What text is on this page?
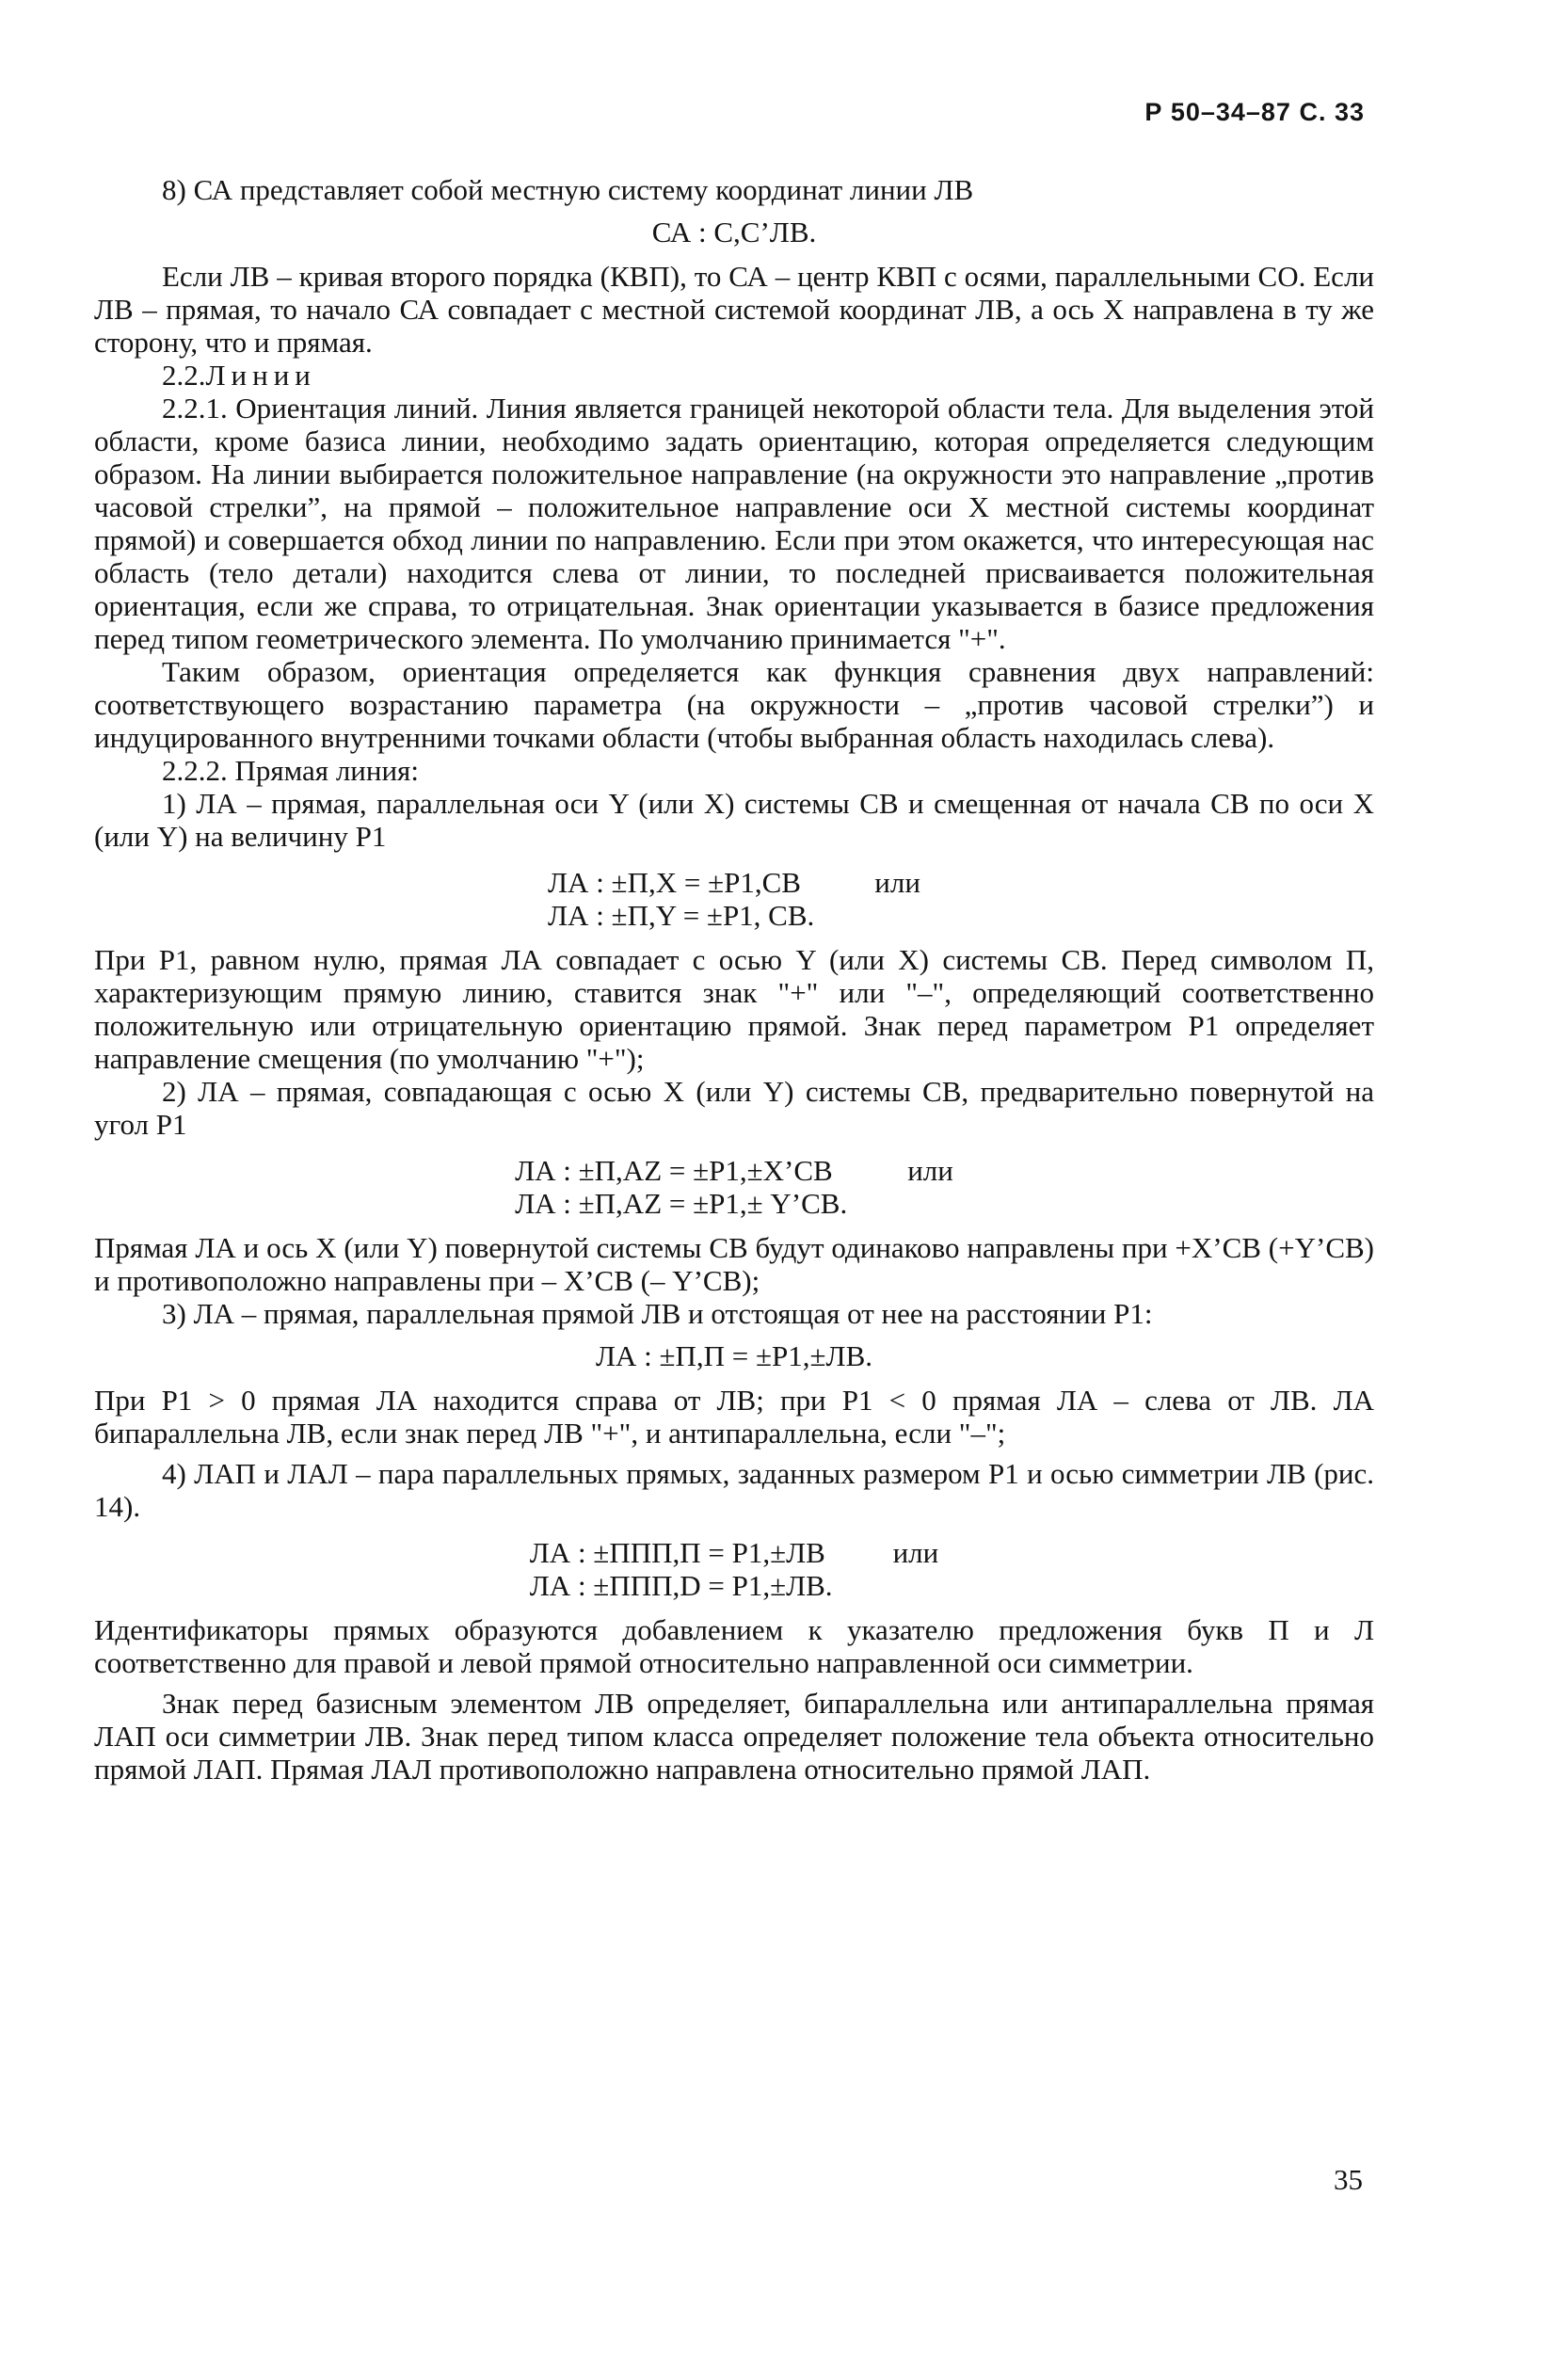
Р 50–34–87 С. 33

8) СА представляет собой местную систему координат линии ЛВ

СА : С,С’ЛВ.

Если ЛВ – кривая второго порядка (КВП), то СА – центр КВП с осями, параллельными СО. Если ЛВ – прямая, то начало СА совпадает с местной системой координат ЛВ, а ось X направлена в ту же сторону, что и прямая.

2.2.Линии

2.2.1. Ориентация линий. Линия является границей некоторой области тела. Для выделения этой области, кроме базиса линии, необходимо задать ориентацию, которая определяется следующим образом. На линии выбирается положительное направление (на окружности это направление „против часовой стрелки”, на прямой – положительное направление оси X местной системы координат прямой) и совершается обход линии по направлению. Если при этом окажется, что интересующая нас область (тело детали) находится слева от линии, то последней присваивается положительная ориентация, если же справа, то отрицательная. Знак ориентации указывается в базисе предложения перед типом геометрического элемента. По умолчанию принимается "+".

Таким образом, ориентация определяется как функция сравнения двух направлений: соответствующего возрастанию параметра (на окружности – „против часовой стрелки”) и индуцированного внутренними точками области (чтобы выбранная область находилась слева).

2.2.2. Прямая линия:

1) ЛА – прямая, параллельная оси Y (или X) системы СВ и смещенная от начала СВ по оси X (или Y) на величину Р1

ЛА : ±П,X = ±Р1,СВ	или
ЛА : ±П,Y = ±Р1, СВ.

При Р1, равном нулю, прямая ЛА совпадает с осью Y (или X) системы СВ. Перед символом П, характеризующим прямую линию, ставится знак "+" или "–", определяющий соответственно положительную или отрицательную ориентацию прямой. Знак перед параметром Р1 определяет направление смещения (по умолчанию "+");

2) ЛА – прямая, совпадающая с осью X (или Y) системы СВ, предварительно повернутой на угол Р1

ЛА : ±П,AZ = ±Р1,±X’СВ	или
ЛА : ±П,AZ = ±Р1,± Y’СВ.

Прямая ЛА и ось X (или Y) повернутой системы СВ будут одинаково направлены при +X’СВ (+Y’СВ) и противоположно направлены при – X’СВ (– Y’СВ);

3) ЛА – прямая, параллельная прямой ЛВ и отстоящая от нее на расстоянии Р1:

ЛА : ±П,П = ±Р1,±ЛВ.

При Р1 > 0 прямая ЛА находится справа от ЛВ; при Р1 < 0 прямая ЛА – слева от ЛВ. ЛА бипараллельна ЛВ, если знак перед ЛВ "+", и антипараллельна, если "–";

4) ЛАП и ЛАЛ – пара параллельных прямых, заданных размером Р1 и осью симметрии ЛВ (рис. 14).

ЛА : ±ППП,П = Р1,±ЛВ или
ЛА : ±ППП,D = Р1,±ЛВ.

Идентификаторы прямых образуются добавлением к указателю предложения букв П и Л соответственно для правой и левой прямой относительно направленной оси симметрии.

Знак перед базисным элементом ЛВ определяет, бипараллельна или антипараллельна прямая ЛАП оси симметрии ЛВ. Знак перед типом класса определяет положение тела объекта относительно прямой ЛАП. Прямая ЛАЛ противоположно направлена относительно прямой ЛАП.

35
